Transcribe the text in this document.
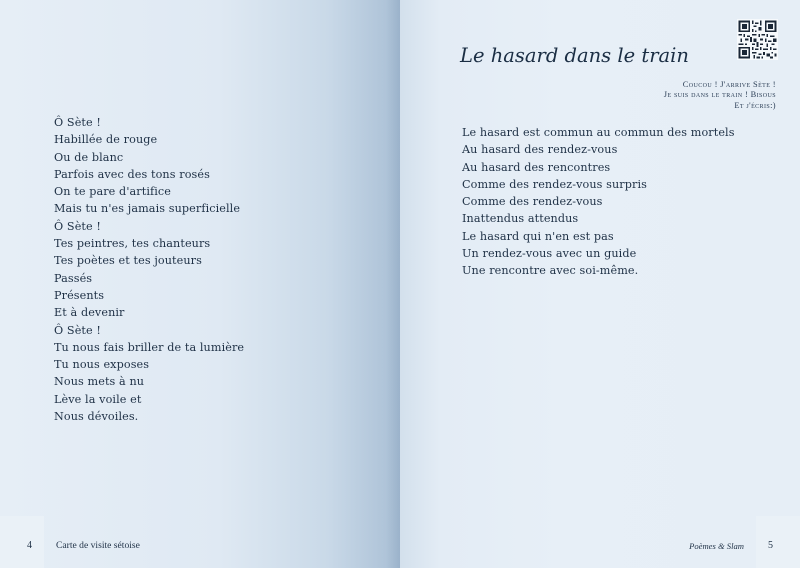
Ô Sète !
Habillée de rouge
Ou de blanc
Parfois avec des tons rosés
On te pare d'artifice
Mais tu n'es jamais superficielle
Ô Sète !
Tes peintres, tes chanteurs
Tes poètes et tes jouteurs
Passés
Présents
Et à devenir
Ô Sète !
Tu nous fais briller de ta lumière
Tu nous exposes
Nous mets à nu
Lève la voile et
Nous dévoiles.
4	Carte de visite sétoise
Le hasard dans le train
Coucou ! J'arrive Sète !
Je suis dans le train ! Bisous
Et j'écris:)
Le hasard est commun au commun des mortels
Au hasard des rendez-vous
Au hasard des rencontres
Comme des rendez-vous surpris
Comme des rendez-vous
Inattendus attendus
Le hasard qui n'en est pas
Un rendez-vous avec un guide
Une rencontre avec soi-même.
Poèmes & Slam 5
